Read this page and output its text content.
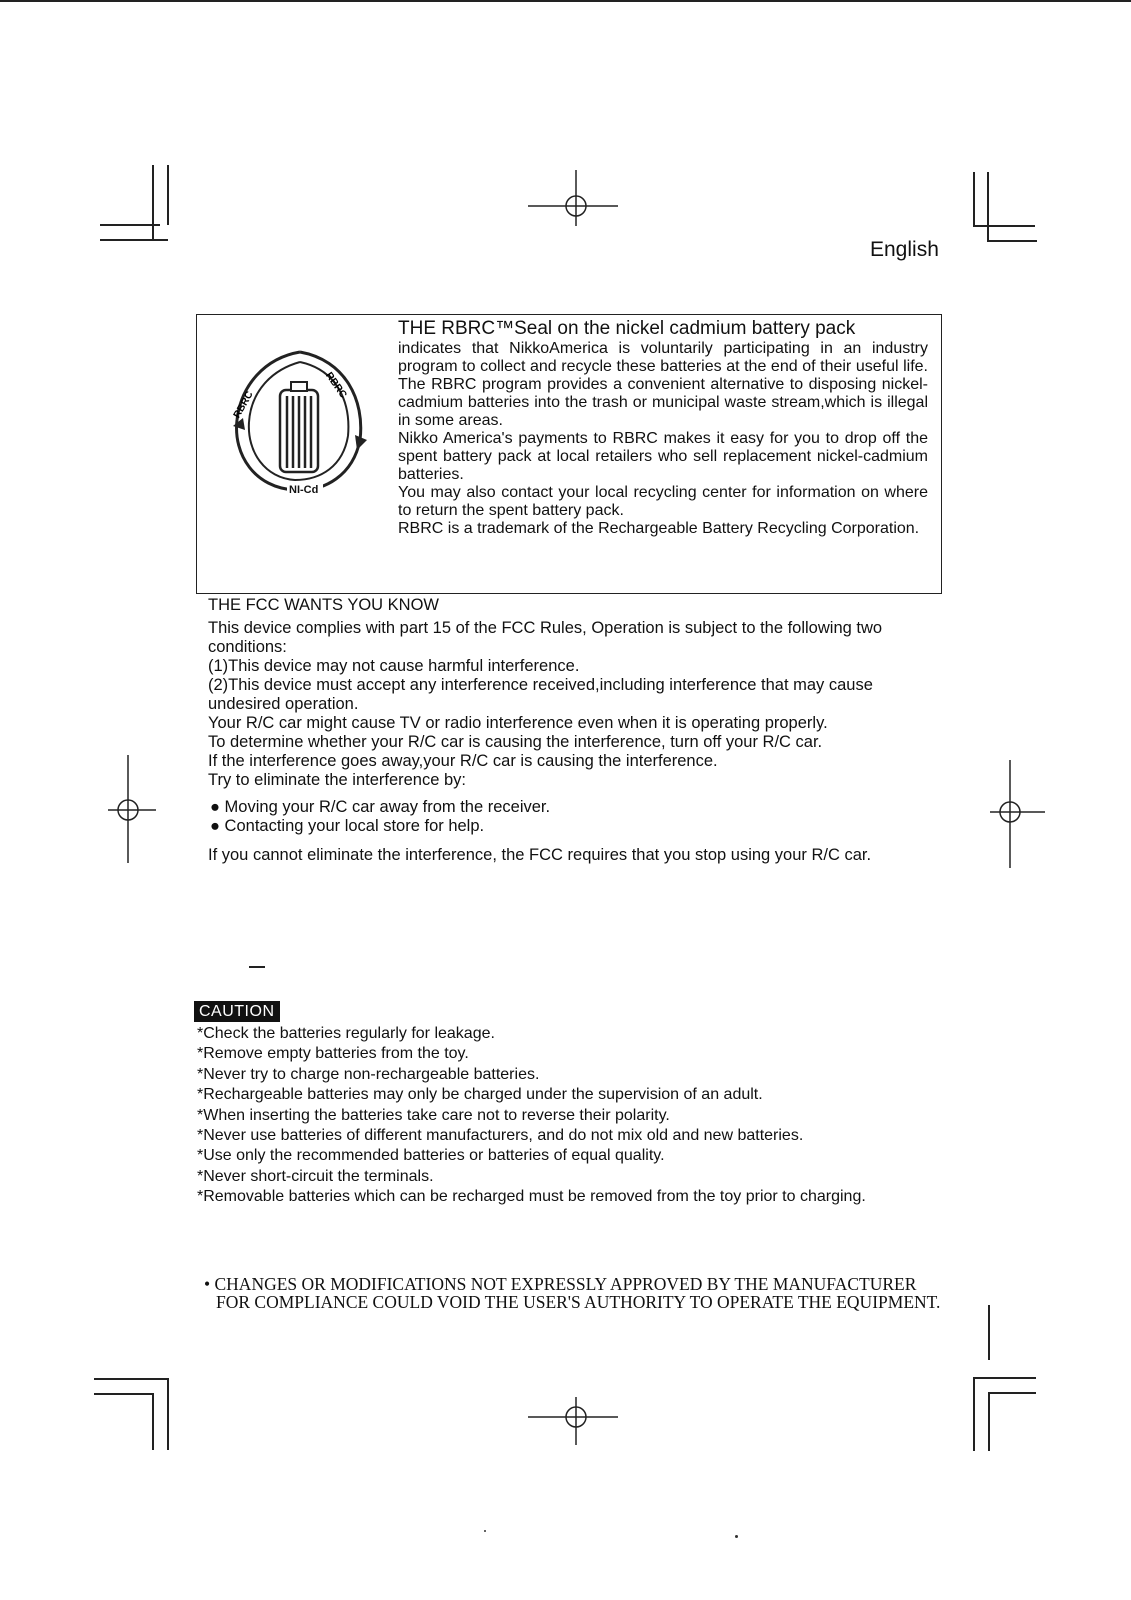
English
RBRC
RBRC
NI-Cd

THE RBRC™Seal on the nickel cadmium battery pack

indicates that NikkoAmerica is voluntarily participating in an industry program to collect and recycle these batteries at the end of their useful life. The RBRC program provides a convenient alternative to disposing nickel-cadmium batteries into the trash or municipal waste stream,which is illegal in some areas.

Nikko America's payments to RBRC makes it easy for you to drop off the spent battery pack at local retailers who sell replacement nickel-cadmium batteries.

You may also contact your local recycling center for information on where to return the spent battery pack.

RBRC is a trademark of the Rechargeable Battery Recycling Corporation.

THE FCC WANTS YOU KNOW

This device complies with part 15 of the FCC Rules, Operation is subject to the following two conditions:

(1)This device may not cause harmful interference.

(2)This device must accept any interference received,including interference that may cause undesired operation.

Your R/C car might cause TV or radio interference even when it is operating properly.

To determine whether your R/C car is causing the interference, turn off your R/C car.

If the interference goes away,your R/C car is causing the interference.

Try to eliminate the interference by:

● Moving your R/C car away from the receiver.

● Contacting your local store for help.

If you cannot eliminate the interference, the FCC requires that you stop using your R/C car.

CAUTION

*Check the batteries regularly for leakage.

*Remove empty batteries from the toy.

*Never try to charge non-rechargeable batteries.

*Rechargeable batteries may only be charged under the supervision of an adult.

*When inserting the batteries take care not to reverse their polarity.

*Never use batteries of different manufacturers, and do not mix old and new batteries.

*Use only the recommended batteries or batteries of equal quality.

*Never short-circuit the terminals.

*Removable batteries which can be recharged must be removed from the toy prior to charging.

• CHANGES OR MODIFICATIONS NOT EXPRESSLY APPROVED BY THE MANUFACTURER FOR COMPLIANCE COULD VOID THE USER'S AUTHORITY TO OPERATE THE EQUIPMENT.
